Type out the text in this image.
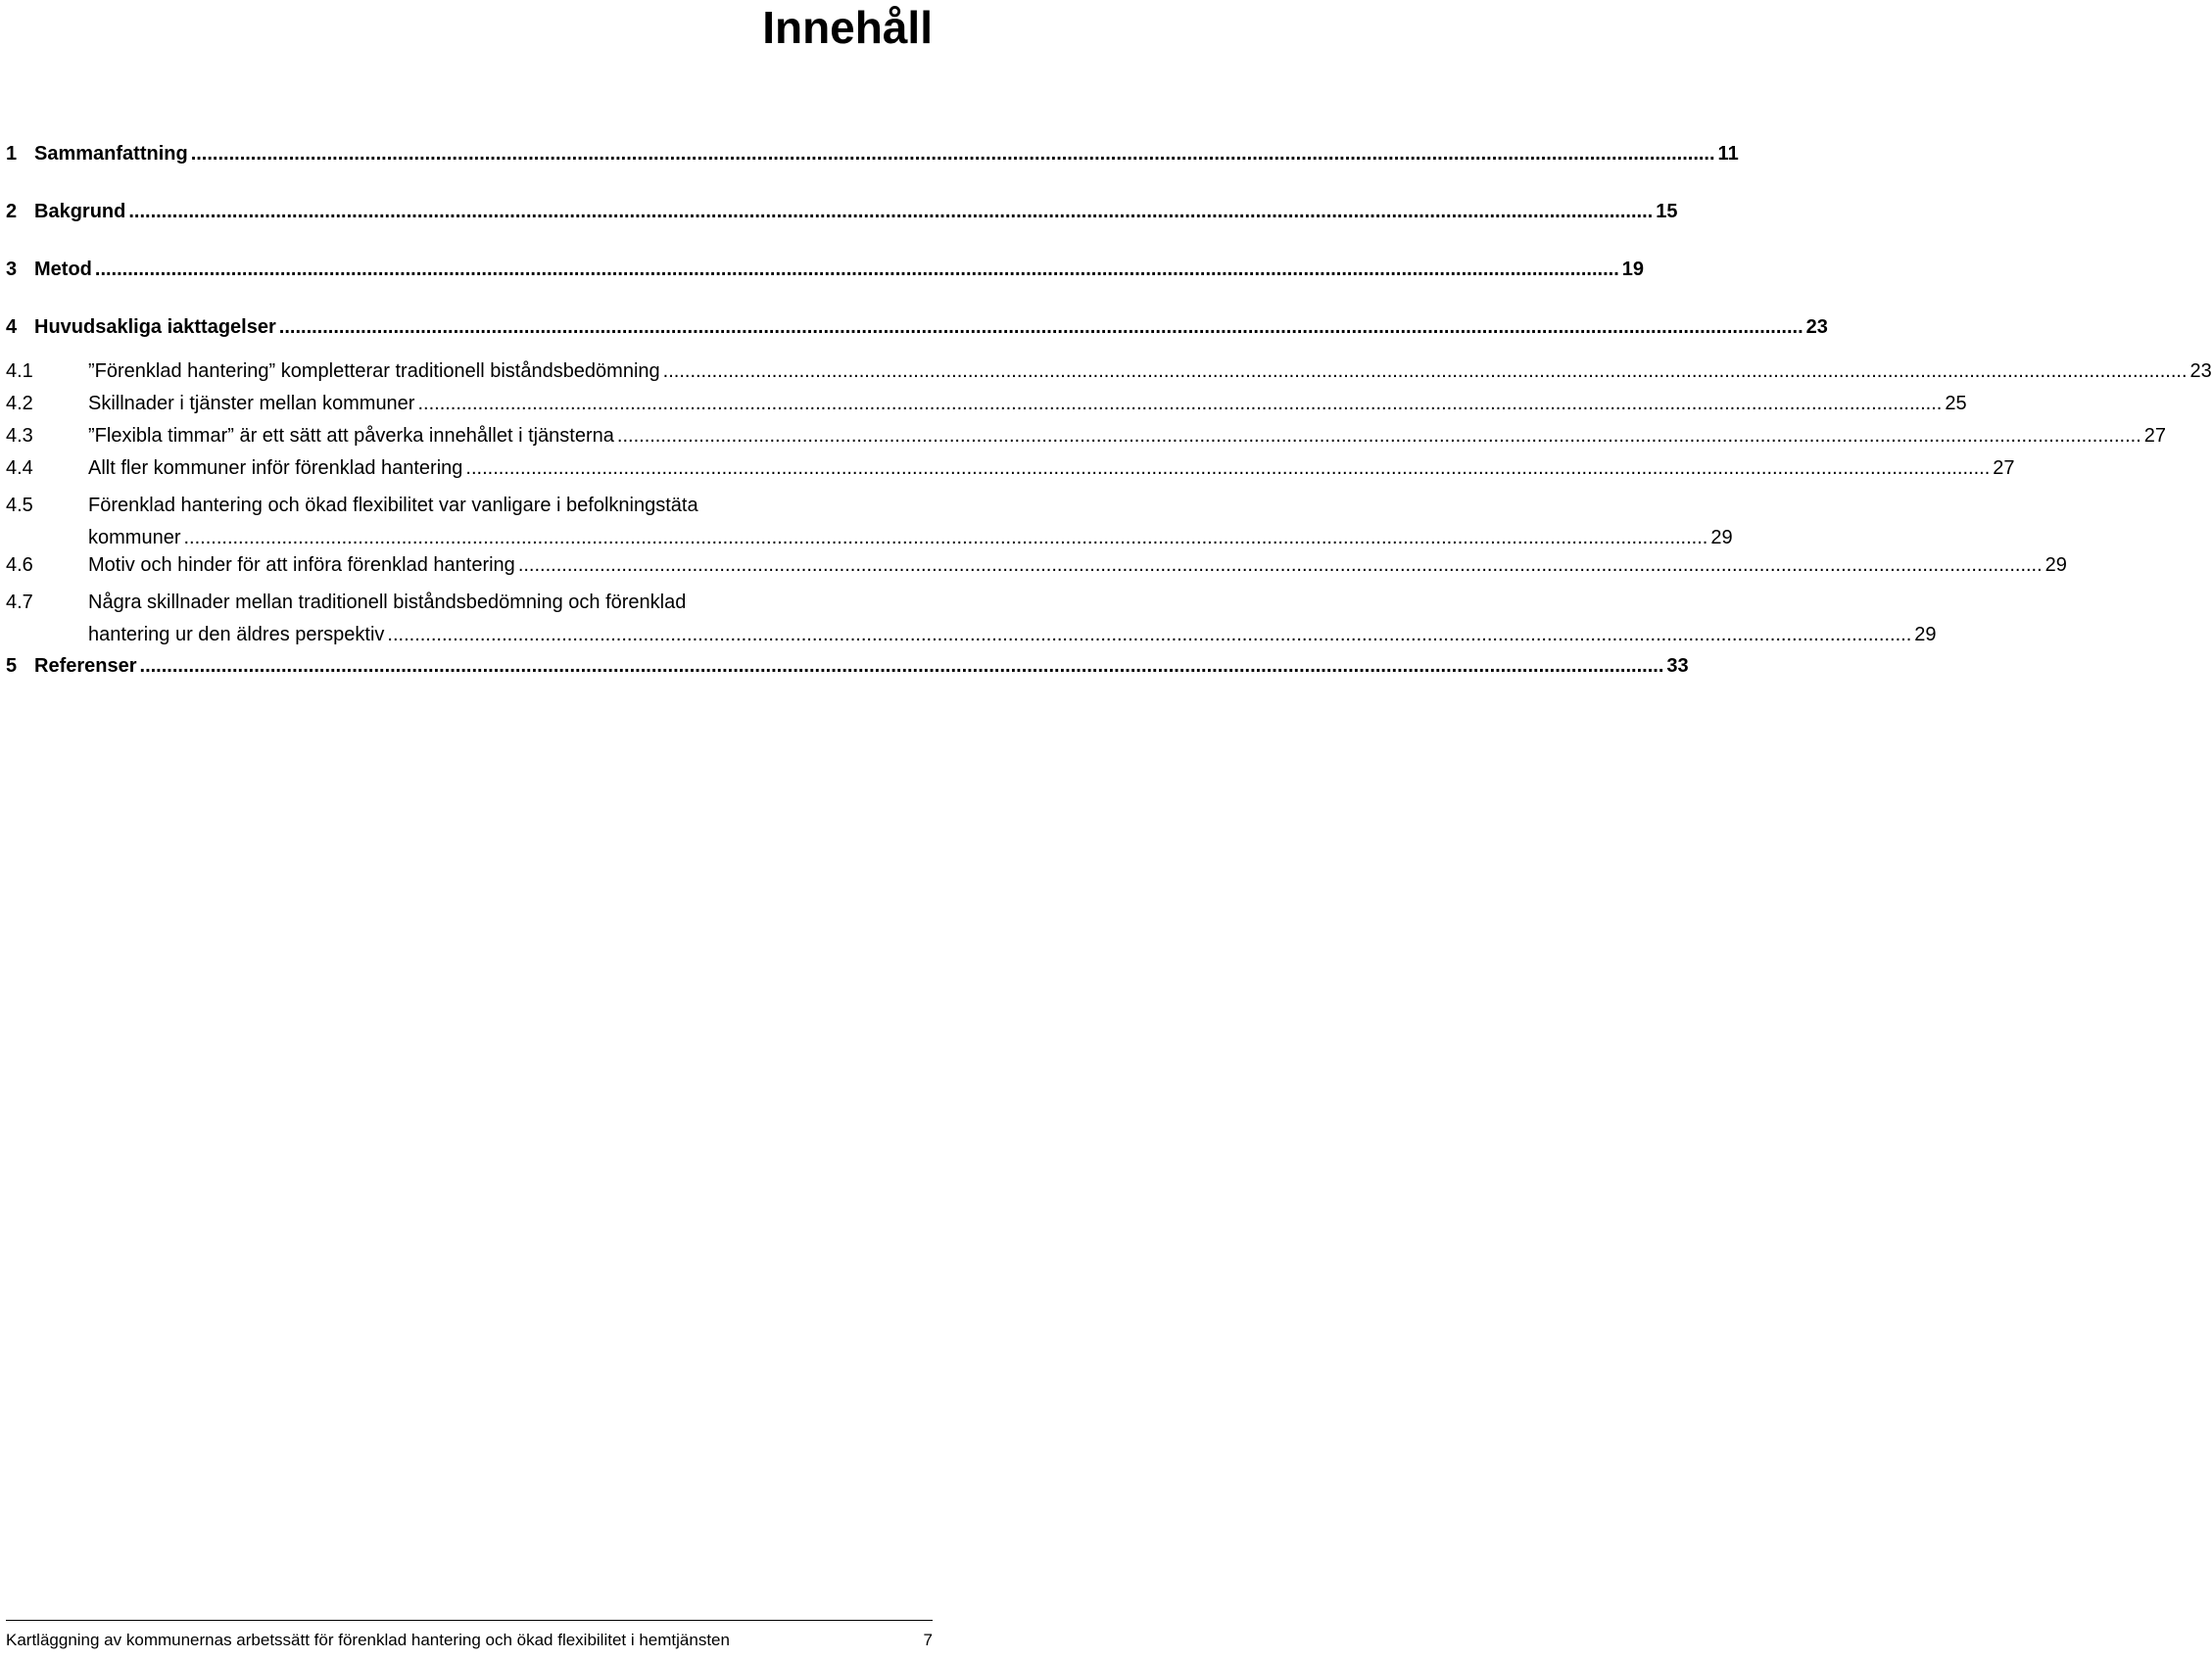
Innehåll
1 Sammanfattning .....	11
2 Bakgrund .....	15
3 Metod .....	19
4 Huvudsakliga iakttagelser .....	23
4.1	”Förenklad hantering” kompletterar traditionell biståndsbedömning .....	23
4.2	Skillnader i tjänster mellan kommuner .....	25
4.3	”Flexibla timmar” är ett sätt att påverka innehållet i tjänsterna .....	27
4.4	Allt fler kommuner inför förenklad hantering .....	27
4.5	Förenklad hantering och ökad flexibilitet var vanligare i befolkningstäta
kommuner .....	29
4.6	Motiv och hinder för att införa förenklad hantering .....	29
4.7	Några skillnader mellan traditionell biståndsbedömning och förenklad
hantering ur den äldres perspektiv .....	29
5 Referenser .....	33
Kartläggning av kommunernas arbetssätt för förenklad hantering och ökad flexibilitet i hemtjänsten	7
